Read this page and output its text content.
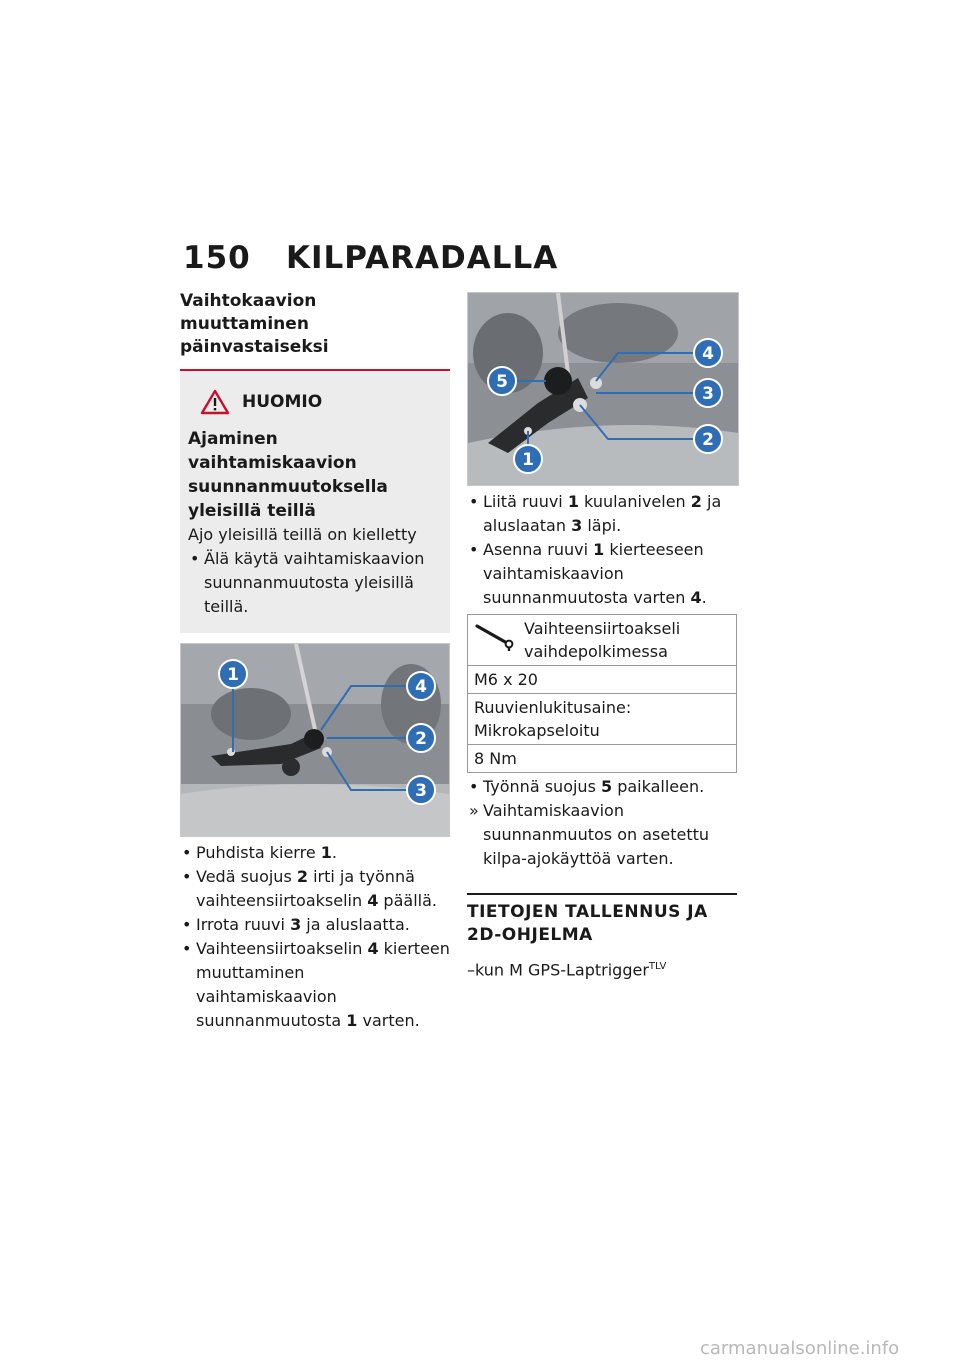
150 KILPARADALLA
Vaihtokaavion muuttaminen päinvastaiseksi
HUOMIO
Ajaminen vaihtamiskaavion suunnanmuutoksella yleisillä teillä
Ajo yleisillä teillä on kielletty
• Älä käytä vaihtamiskaavion suunnanmuutosta yleisillä teillä.
1
4
2
3
• Puhdista kierre 1.
• Vedä suojus 2 irti ja työnnä vaihteensiirtoakselin 4 päällä.
• Irrota ruuvi 3 ja aluslaatta.
• Vaihteensiirtoakselin 4 kierteen muuttaminen vaihtamiskaavion suunnanmuutosta 1 varten.
5
4
3
2
1
• Liitä ruuvi 1 kuulanivelen 2 ja aluslaatan 3 läpi.
• Asenna ruuvi 1 kierteeseen vaihtamiskaavion suunnanmuutosta varten 4.
Vaihteensiirtoakseli vaihdepolkimessa

M6 x 20
Ruuvienlukitusaine: Mikrokapseloitu
8 Nm
• Työnnä suojus 5 paikalleen.
» Vaihtamiskaavion suunnanmuutos on asetettu kilpa-ajokäyttöä varten.
TIETOJEN TALLENNUS JA 2D-OHJELMA
–kun M GPS-Laptrigger$^{TLV}$
carmanualsonline.info
